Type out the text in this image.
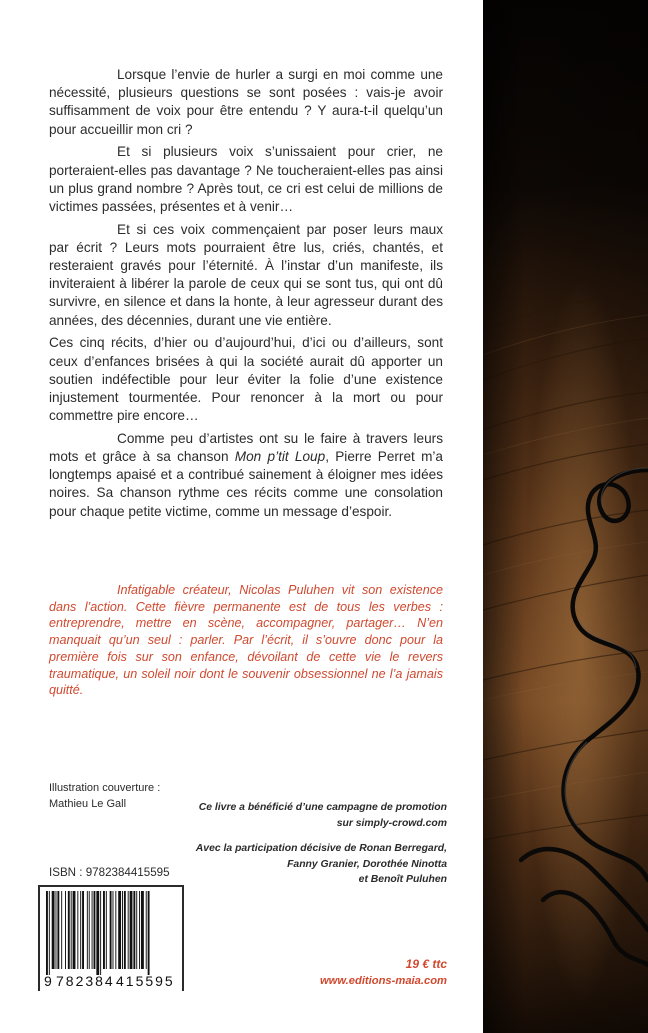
Lorsque l’envie de hurler a surgi en moi comme une nécessité, plusieurs questions se sont posées : vais-je avoir suffisamment de voix pour être entendu ? Y aura-t-il quelqu’un pour accueillir mon cri ?

Et si plusieurs voix s’unissaient pour crier, ne porteraient-elles pas davantage ? Ne toucheraient-elles pas ainsi un plus grand nombre ? Après tout, ce cri est celui de millions de victimes passées, présentes et à venir…

Et si ces voix commençaient par poser leurs maux par écrit ? Leurs mots pourraient être lus, criés, chantés, et resteraient gravés pour l’éternité. À l’instar d’un manifeste, ils inviteraient à libérer la parole de ceux qui se sont tus, qui ont dû survivre, en silence et dans la honte, à leur agresseur durant des années, des décennies, durant une vie entière.

Ces cinq récits, d’hier ou d’aujourd’hui, d’ici ou d’ailleurs, sont ceux d’enfances brisées à qui la société aurait dû apporter un soutien indéfectible pour leur éviter la folie d’une existence injustement tourmentée. Pour renoncer à la mort ou pour commettre pire encore…

Comme peu d’artistes ont su le faire à travers leurs mots et grâce à sa chanson Mon p’tit Loup, Pierre Perret m’a longtemps apaisé et a contribué sainement à éloigner mes idées noires. Sa chanson rythme ces récits comme une consolation pour chaque petite victime, comme un message d’espoir.

Infatigable créateur, Nicolas Puluhen vit son existence dans l’action. Cette fièvre permanente est de tous les verbes : entreprendre, mettre en scène, accompagner, partager… N’en manquait qu’un seul : parler. Par l’écrit, il s’ouvre donc pour la première fois sur son enfance, dévoilant de cette vie le revers traumatique, un soleil noir dont le souvenir obsessionnel ne l’a jamais quitté.

Illustration couverture :
Mathieu Le Gall	Ce livre a bénéficié d’une campagne de promotion
sur simply-crowd.com
Avec la participation décisive de Ronan Berregard,
Fanny Granier, Dorothée Ninotta
et Benoît Puluhen
ISBN : 9782384415595
9 782384 415595
19 € ttc
www.editions-maia.com
